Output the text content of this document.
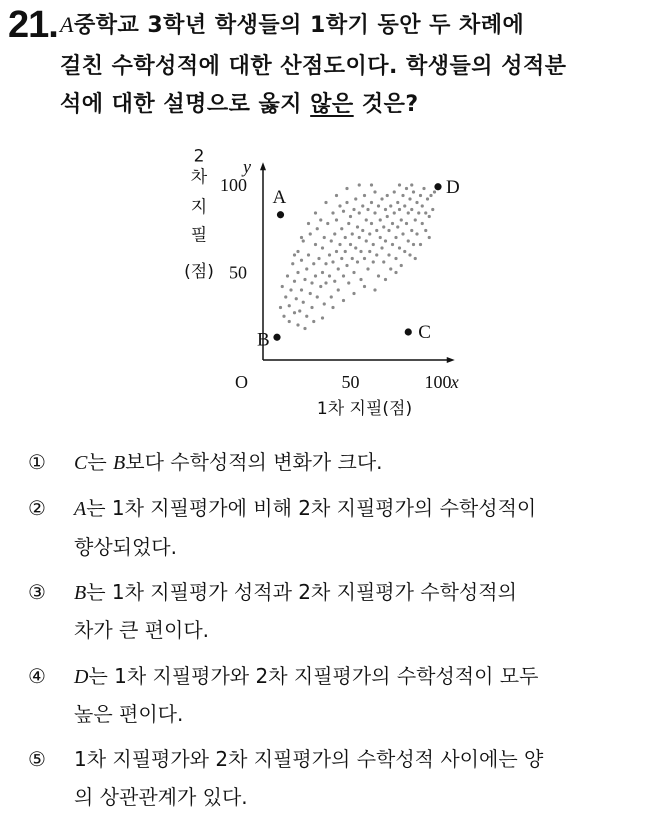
21. A중학교 3학년 학생들의 1학기 동안 두 차례에
걸친 수학성적에 대한 산점도이다. 학생들의 성적분
석에 대한 설명으로 옳지 않은 것은?
A
B	C
D
50	100
50
100
O	x
y
1차 지필(점)
2
차
지
필
(점)
① C는 B보다 수학성적의 변화가 크다.
② A는 1차 지필평가에 비해 2차 지필평가의 수학성적이
향상되었다.
③ B는 1차 지필평가 성적과 2차 지필평가 수학성적의
차가 큰 편이다.
④ D는 1차 지필평가와 2차 지필평가의 수학성적이 모두
높은 편이다.
⑤ 1차 지필평가와 2차 지필평가의 수학성적 사이에는 양
의 상관관계가 있다.
